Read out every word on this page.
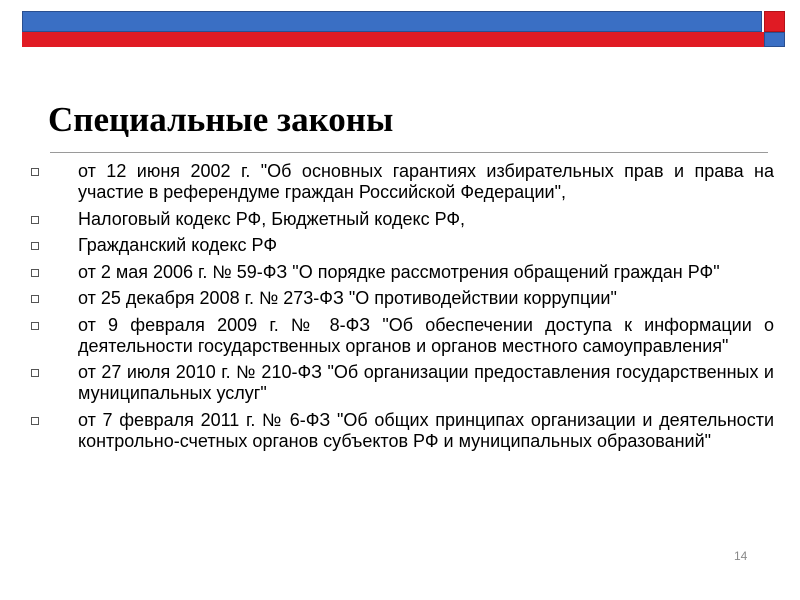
Специальные законы
от 12 июня 2002 г. "Об основных гарантиях избирательных прав и права на участие в референдуме граждан Российской Федерации",
Налоговый кодекс РФ, Бюджетный кодекс РФ,
Гражданский кодекс РФ
от 2 мая 2006 г. № 59-ФЗ "О порядке рассмотрения обращений граждан РФ"
от 25 декабря 2008 г. № 273-ФЗ "О противодействии коррупции"
от 9 февраля 2009 г. № 8-ФЗ "Об обеспечении доступа к информации о деятельности государственных органов и органов местного самоуправления"
от 27 июля 2010 г. № 210-ФЗ "Об организации предоставления государственных и муниципальных услуг"
от 7 февраля 2011 г. № 6-ФЗ "Об общих принципах организации и деятельности контрольно-счетных органов субъектов РФ и муниципальных образований"
14
